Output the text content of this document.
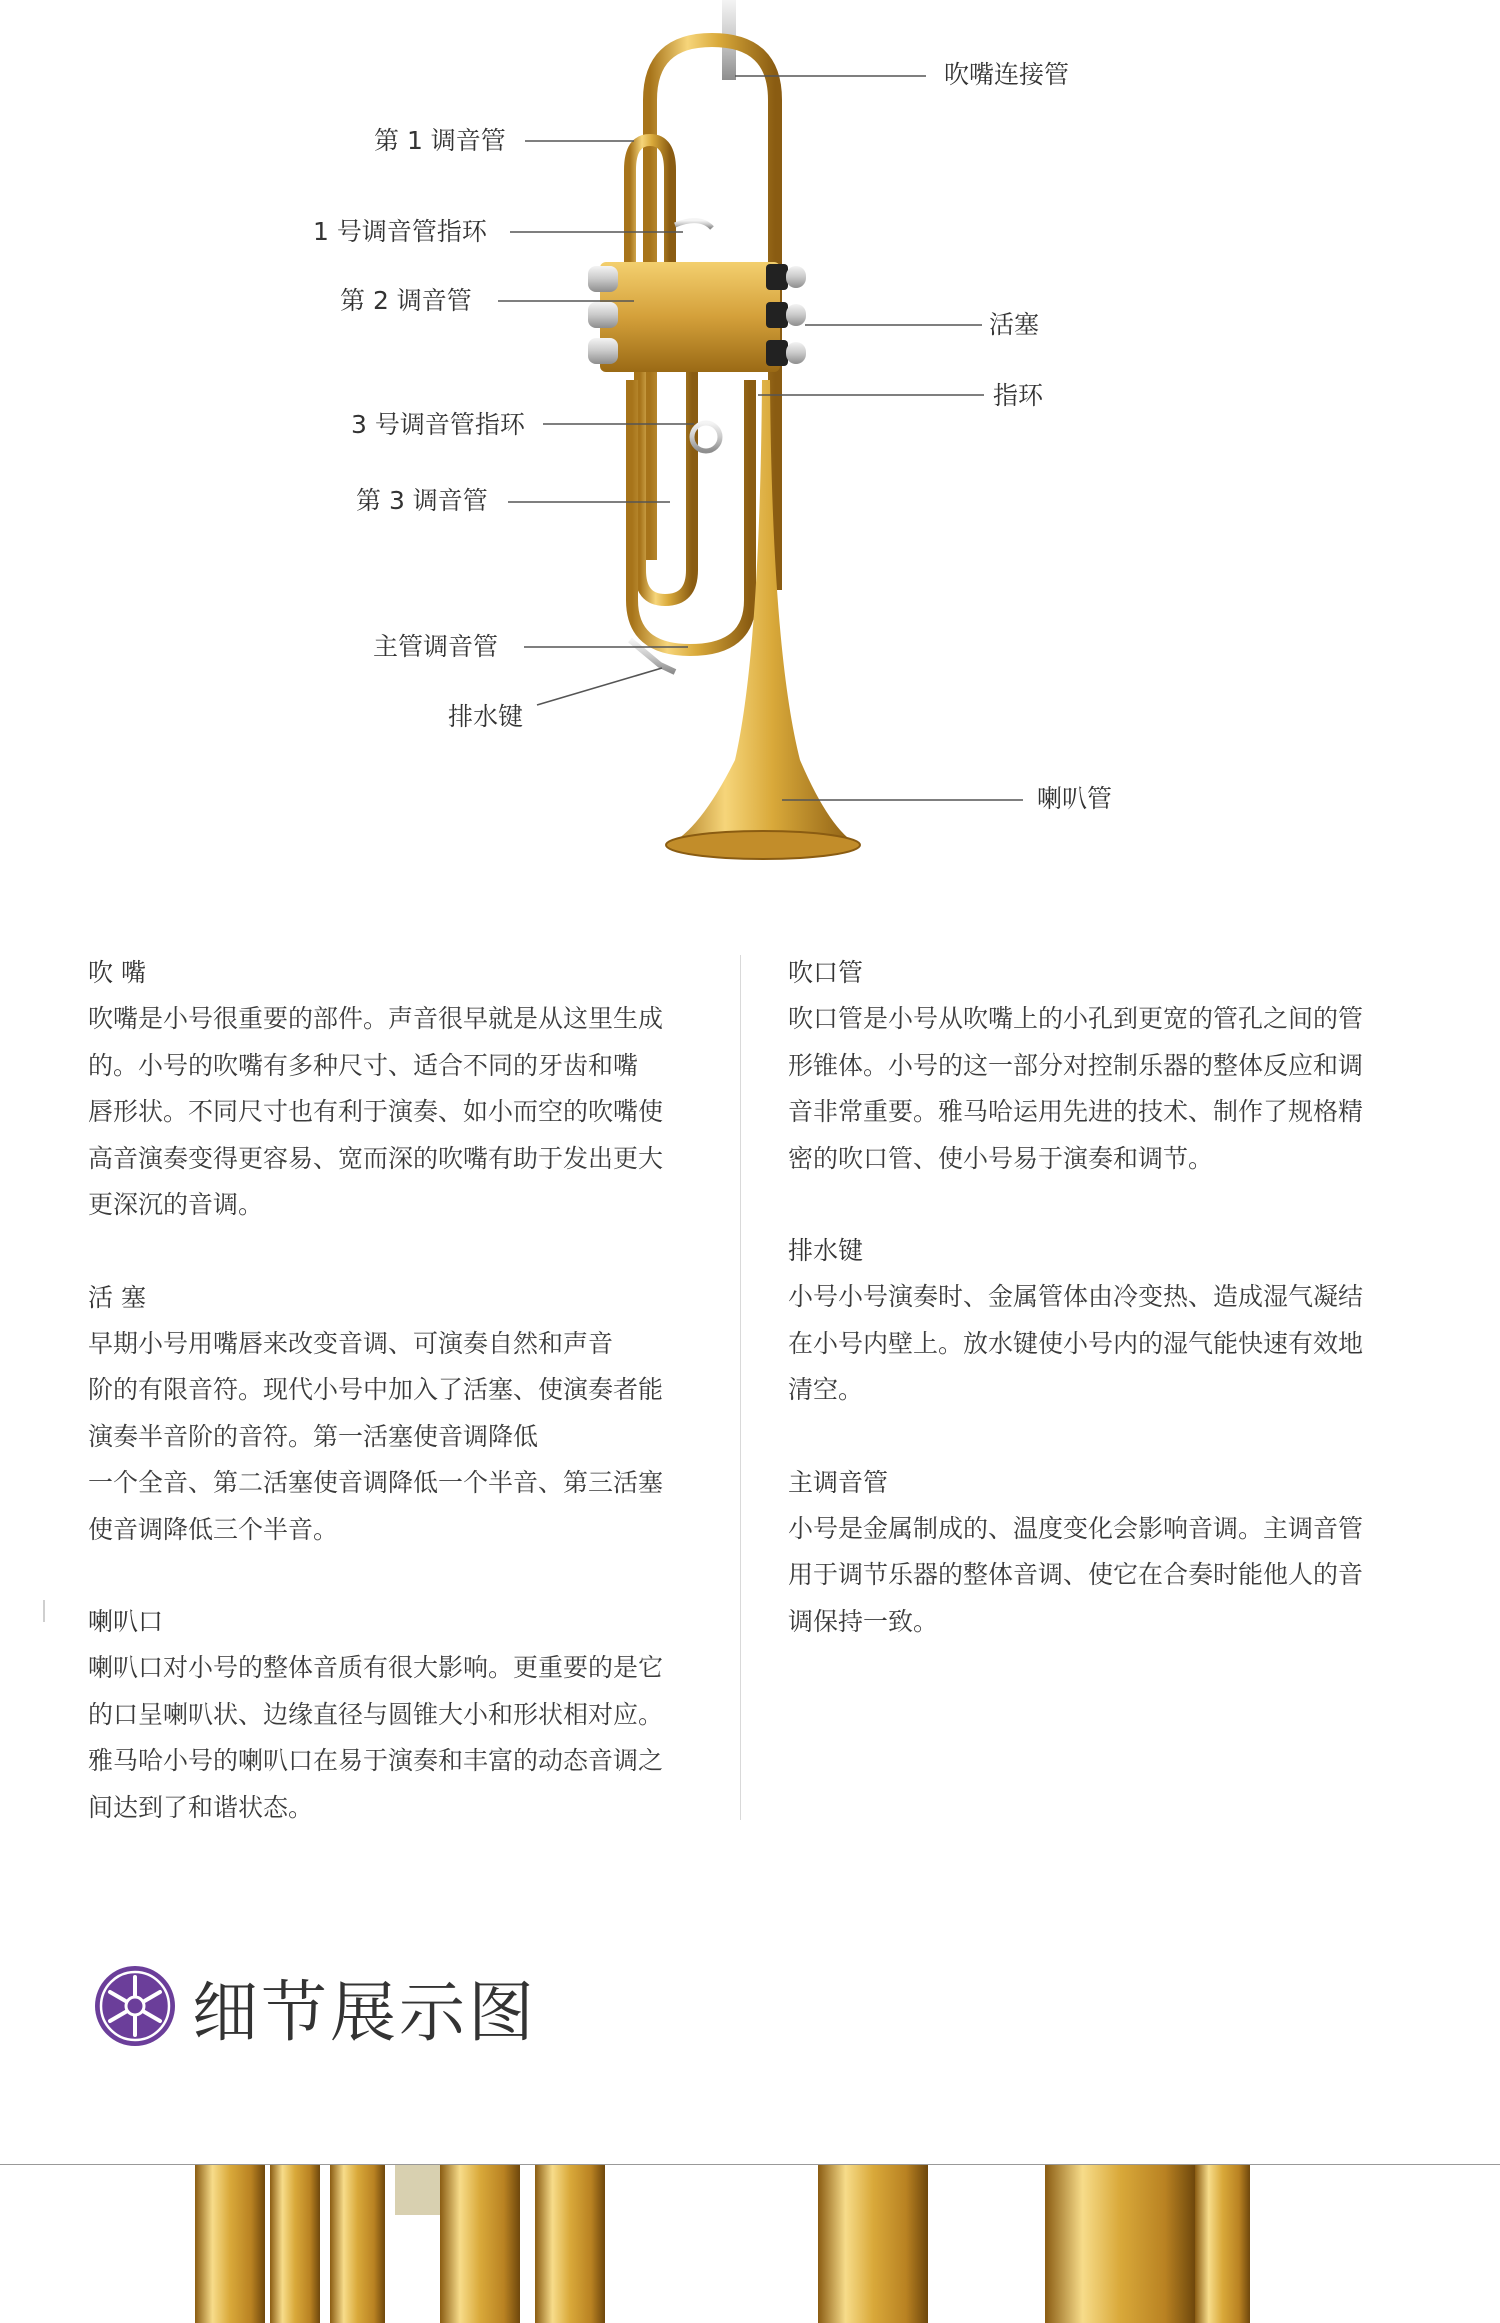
吹嘴连接管
第 1 调音管
1 号调音管指环
第 2 调音管
活塞
指环
3 号调音管指环
第 3 调音管
主管调音管
排水键
喇叭管
吹 嘴
吹嘴是小号很重要的部件。声音很早就是从这里生成
的。小号的吹嘴有多种尺寸、适合不同的牙齿和嘴
唇形状。不同尺寸也有利于演奏、如小而空的吹嘴使
高音演奏变得更容易、宽而深的吹嘴有助于发出更大
更深沉的音调。
活 塞
早期小号用嘴唇来改变音调、可演奏自然和声音
阶的有限音符。现代小号中加入了活塞、使演奏者能
演奏半音阶的音符。第一活塞使音调降低
一个全音、第二活塞使音调降低一个半音、第三活塞
使音调降低三个半音。
喇叭口
喇叭口对小号的整体音质有很大影响。更重要的是它
的口呈喇叭状、边缘直径与圆锥大小和形状相对应。
雅马哈小号的喇叭口在易于演奏和丰富的动态音调之
间达到了和谐状态。
吹口管
吹口管是小号从吹嘴上的小孔到更宽的管孔之间的管
形锥体。小号的这一部分对控制乐器的整体反应和调
音非常重要。雅马哈运用先进的技术、制作了规格精
密的吹口管、使小号易于演奏和调节。
排水键
小号小号演奏时、金属管体由冷变热、造成湿气凝结
在小号内壁上。放水键使小号内的湿气能快速有效地
清空。
主调音管
小号是金属制成的、温度变化会影响音调。主调音管
用于调节乐器的整体音调、使它在合奏时能他人的音
调保持一致。
细节展示图
